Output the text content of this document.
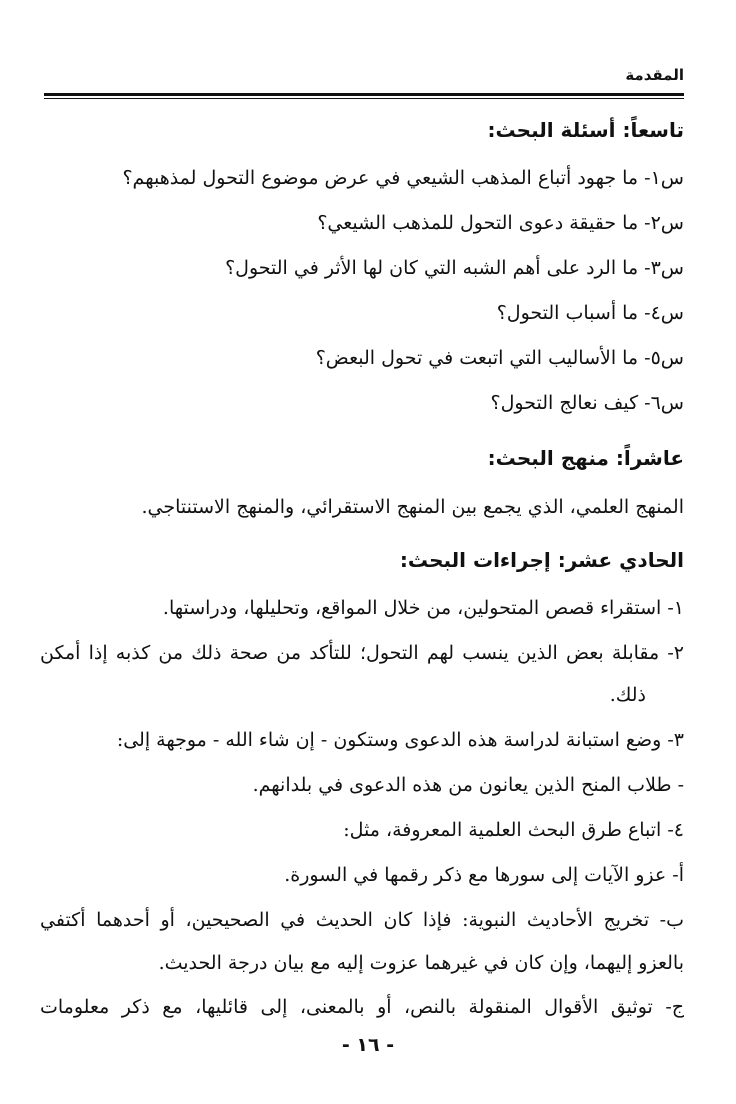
المقدمة
تاسعاً: أسئلة البحث:
س١- ما جهود أتباع المذهب الشيعي في عرض موضوع التحول لمذهبهم؟
س٢- ما حقيقة دعوى التحول للمذهب الشيعي؟
س٣- ما الرد على أهم الشبه التي كان لها الأثر في التحول؟
س٤- ما أسباب التحول؟
س٥- ما الأساليب التي اتبعت في تحول البعض؟
س٦- كيف نعالج التحول؟
عاشراً: منهج البحث:
المنهج العلمي، الذي يجمع بين المنهج الاستقرائي، والمنهج الاستنتاجي.
الحادي عشر: إجراءات البحث:
١- استقراء قصص المتحولين، من خلال المواقع، وتحليلها، ودراستها.
٢- مقابلة بعض الذين ينسب لهم التحول؛ للتأكد من صحة ذلك من كذبه إذا أمكن
ذلك.
٣- وضع استبانة لدراسة هذه الدعوى وستكون - إن شاء الله - موجهة إلى:
- طلاب المنح الذين يعانون من هذه الدعوى في بلدانهم.
٤- اتباع طرق البحث العلمية المعروفة، مثل:
أ- عزو الآيات إلى سورها مع ذكر رقمها في السورة.
ب- تخريج الأحاديث النبوية: فإذا كان الحديث في الصحيحين، أو أحدهما أكتفي
بالعزو إليهما، وإن كان في غيرهما عزوت إليه مع بيان درجة الحديث.
ج- توثيق الأقوال المنقولة بالنص، أو بالمعنى، إلى قائليها، مع ذكر معلومات
- ١٦ -
